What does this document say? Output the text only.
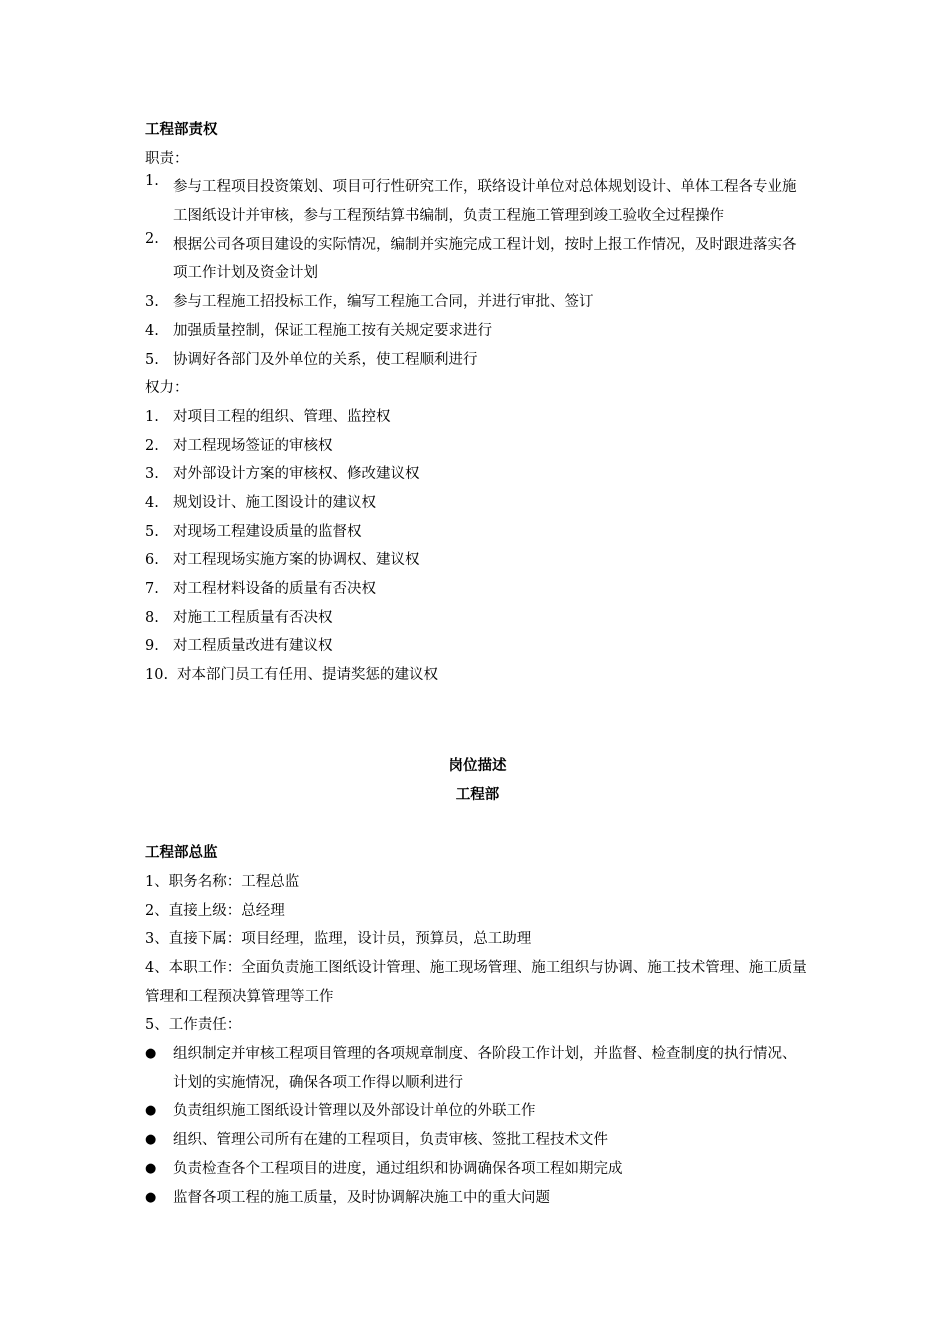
工程部责权
职责：
1. 参与工程项目投资策划、项目可行性研究工作，联络设计单位对总体规划设计、单体工程各专业施工图纸设计并审核，参与工程预结算书编制，负责工程施工管理到竣工验收全过程操作
2. 根据公司各项目建设的实际情况，编制并实施完成工程计划，按时上报工作情况，及时跟进落实各项工作计划及资金计划
3. 参与工程施工招投标工作，编写工程施工合同，并进行审批、签订
4. 加强质量控制，保证工程施工按有关规定要求进行
5. 协调好各部门及外单位的关系，使工程顺利进行
权力：
1. 对项目工程的组织、管理、监控权
2. 对工程现场签证的审核权
3. 对外部设计方案的审核权、修改建议权
4. 规划设计、施工图设计的建议权
5. 对现场工程建设质量的监督权
6. 对工程现场实施方案的协调权、建议权
7. 对工程材料设备的质量有否决权
8. 对施工工程质量有否决权
9. 对工程质量改进有建议权
10. 对本部门员工有任用、提请奖惩的建议权
岗位描述
工程部
工程部总监
1、职务名称：工程总监
2、直接上级：总经理
3、直接下属：项目经理，监理，设计员，预算员，总工助理
4、本职工作：全面负责施工图纸设计管理、施工现场管理、施工组织与协调、施工技术管理、施工质量管理和工程预决算管理等工作
5、工作责任：
●	组织制定并审核工程项目管理的各项规章制度、各阶段工作计划，并监督、检查制度的执行情况、计划的实施情况，确保各项工作得以顺利进行
●	负责组织施工图纸设计管理以及外部设计单位的外联工作
●	组织、管理公司所有在建的工程项目，负责审核、签批工程技术文件
●	负责检查各个工程项目的进度，通过组织和协调确保各项工程如期完成
●	监督各项工程的施工质量，及时协调解决施工中的重大问题
